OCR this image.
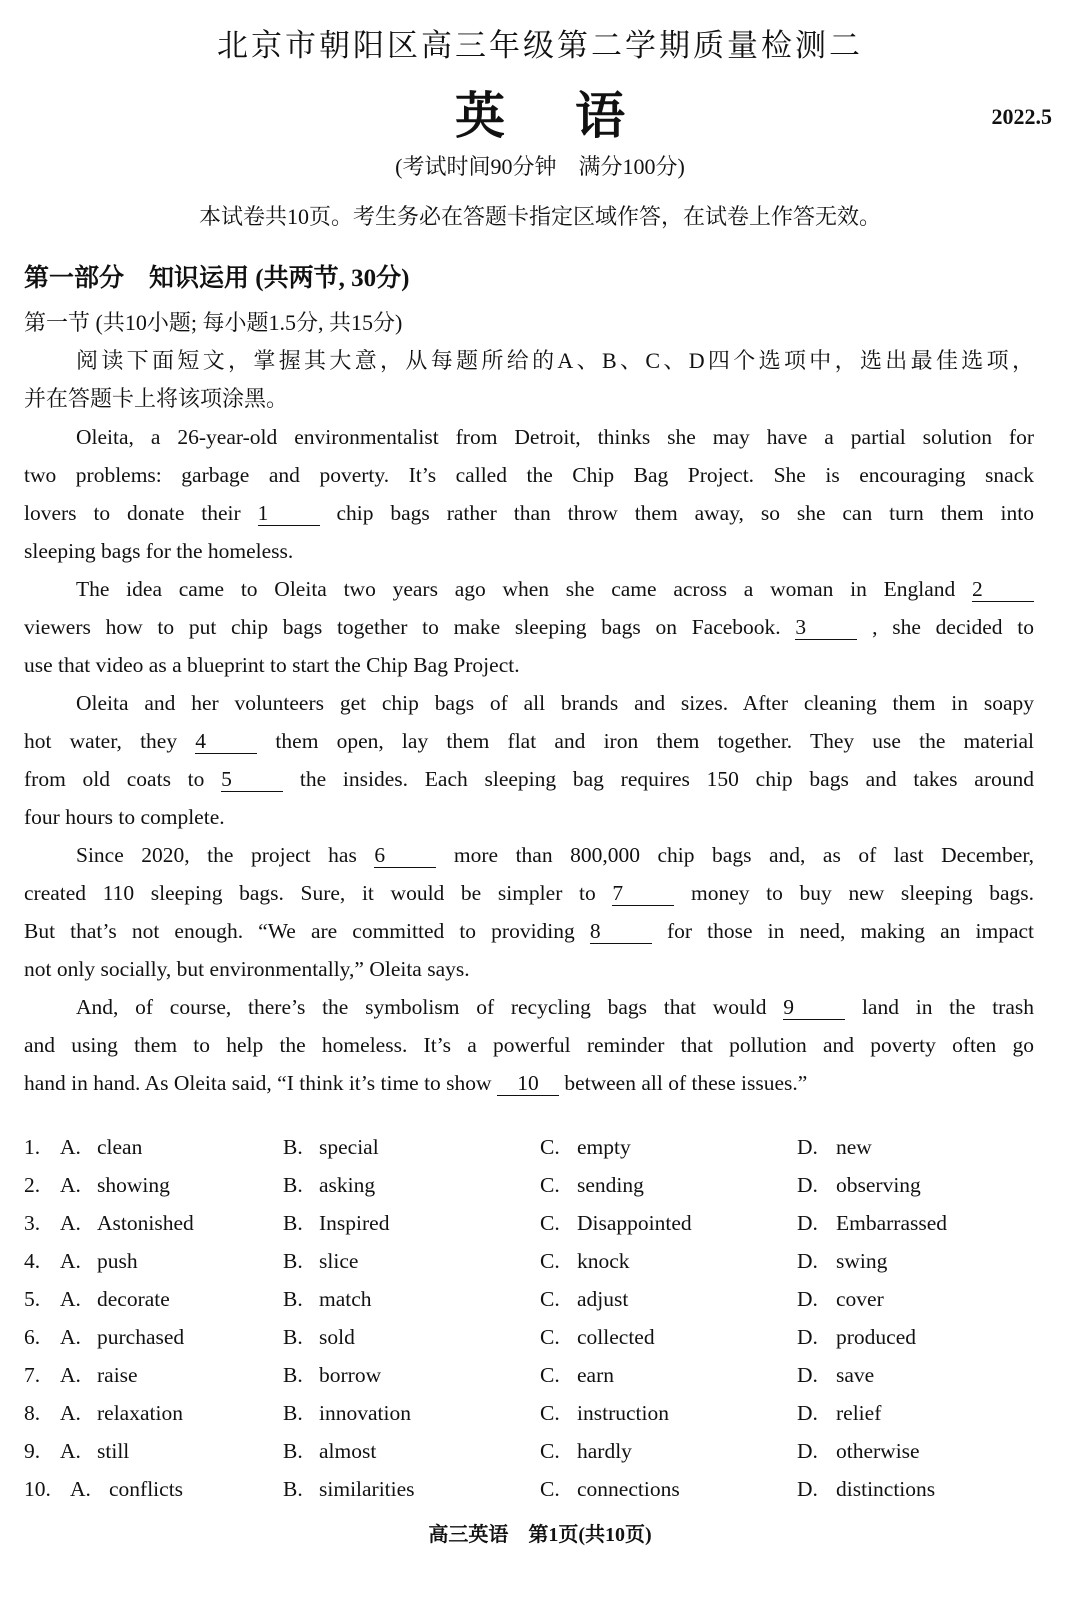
北京市朝阳区高三年级第二学期质量检测二
英语	2022.5
(考试时间90分钟　满分100分)
本试卷共10页。考生务必在答题卡指定区域作答，在试卷上作答无效。
第一部分　知识运用 (共两节, 30分)
第一节 (共10小题; 每小题1.5分, 共15分)
阅读下面短文，掌握其大意，从每题所给的A、B、C、D四个选项中，选出最佳选项，
并在答题卡上将该项涂黑。
Oleita, a 26-year-old environmentalist from Detroit, thinks she may have a partial solution for
two problems: garbage and poverty. It’s called the Chip Bag Project. She is encouraging snack
lovers to donate their 1 chip bags rather than throw them away, so she can turn them into
sleeping bags for the homeless.
The idea came to Oleita two years ago when she came across a woman in England 2
viewers how to put chip bags together to make sleeping bags on Facebook. 3 , she decided to
use that video as a blueprint to start the Chip Bag Project.
Oleita and her volunteers get chip bags of all brands and sizes. After cleaning them in soapy
hot water, they 4 them open, lay them flat and iron them together. They use the material
from old coats to 5 the insides. Each sleeping bag requires 150 chip bags and takes around
four hours to complete.
Since 2020, the project has 6 more than 800,000 chip bags and, as of last December,
created 110 sleeping bags. Sure, it would be simpler to 7 money to buy new sleeping bags.
But that’s not enough. “We are committed to providing 8 for those in need, making an impact
not only socially, but environmentally,” Oleita says.
And, of course, there’s the symbolism of recycling bags that would 9 land in the trash
and using them to help the homeless. It’s a powerful reminder that pollution and poverty often go
hand in hand. As Oleita said, “I think it’s time to show 10 between all of these issues.”
1. A. clean	B. special	C. empty	D. new
2. A. showing	B. asking	C. sending	D. observing
3. A. Astonished	B. Inspired	C. Disappointed	D. Embarrassed
4. A. push	B. slice	C. knock	D. swing
5. A. decorate	B. match	C. adjust	D. cover
6. A. purchased	B. sold	C. collected	D. produced
7. A. raise	B. borrow	C. earn	D. save
8. A. relaxation	B. innovation	C. instruction	D. relief
9. A. still	B. almost	C. hardly	D. otherwise
10. A. conflicts	B. similarities	C. connections	D. distinctions
高三英语　第1页(共10页)
